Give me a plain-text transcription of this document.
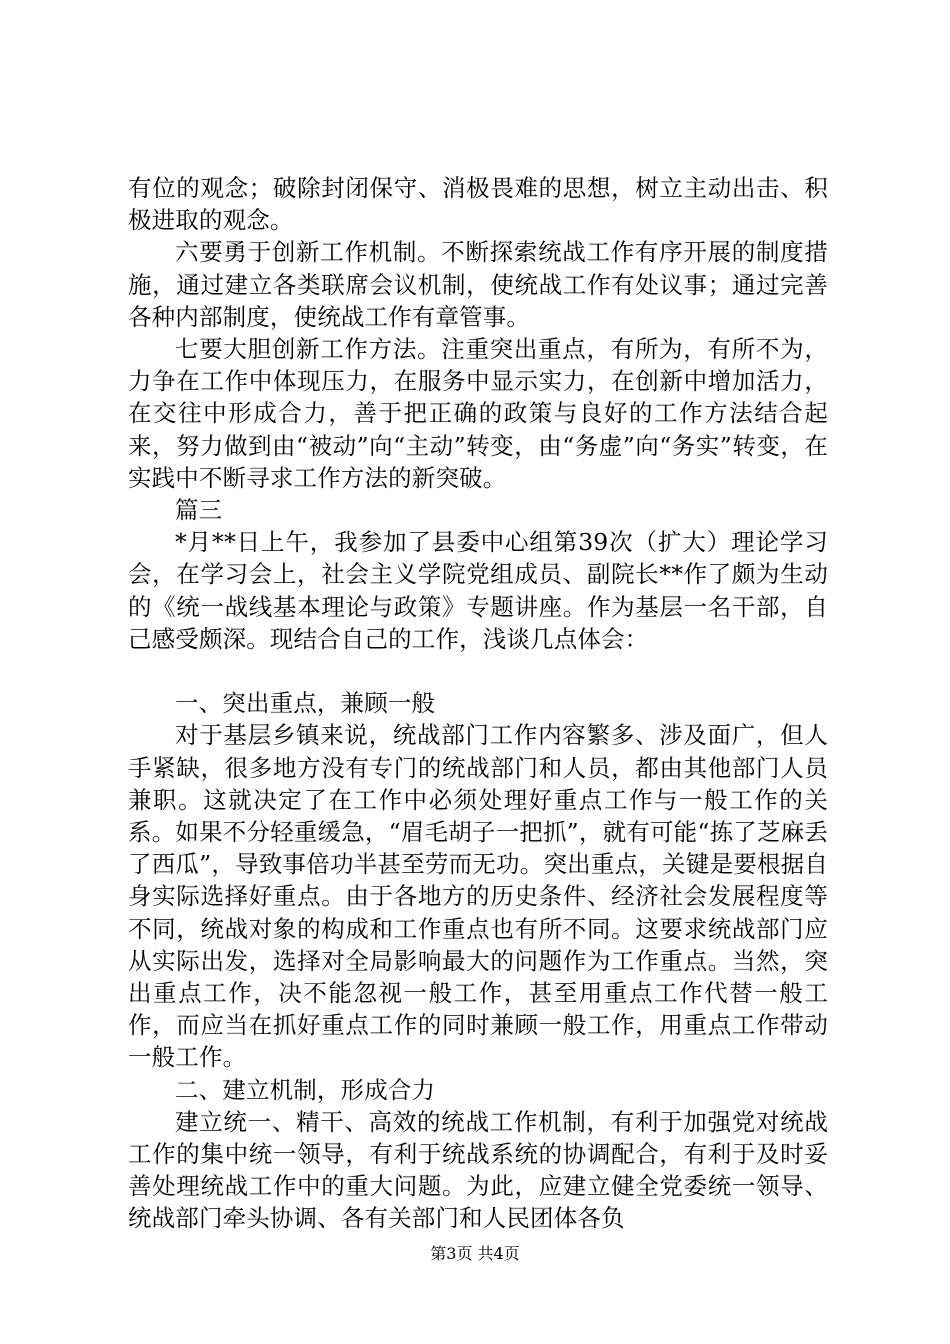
有位的观念；破除封闭保守、消极畏难的思想，树立主动出击、积极进取的观念。

六要勇于创新工作机制。不断探索统战工作有序开展的制度措施，通过建立各类联席会议机制，使统战工作有处议事；通过完善各种内部制度，使统战工作有章管事。

七要大胆创新工作方法。注重突出重点，有所为，有所不为，力争在工作中体现压力，在服务中显示实力，在创新中增加活力，在交往中形成合力，善于把正确的政策与良好的工作方法结合起来，努力做到由“被动”向“主动”转变，由“务虚”向“务实”转变，在实践中不断寻求工作方法的新突破。

篇三

*月**日上午，我参加了县委中心组第39次（扩大）理论学习会，在学习会上，社会主义学院党组成员、副院长**作了颇为生动的《统一战线基本理论与政策》专题讲座。作为基层一名干部，自己感受颇深。现结合自己的工作，浅谈几点体会：

一、突出重点，兼顾一般

对于基层乡镇来说，统战部门工作内容繁多、涉及面广，但人手紧缺，很多地方没有专门的统战部门和人员，都由其他部门人员兼职。这就决定了在工作中必须处理好重点工作与一般工作的关系。如果不分轻重缓急，“眉毛胡子一把抓”，就有可能“拣了芝麻丢了西瓜”，导致事倍功半甚至劳而无功。突出重点，关键是要根据自身实际选择好重点。由于各地方的历史条件、经济社会发展程度等不同，统战对象的构成和工作重点也有所不同。这要求统战部门应从实际出发，选择对全局影响最大的问题作为工作重点。当然，突出重点工作，决不能忽视一般工作，甚至用重点工作代替一般工作，而应当在抓好重点工作的同时兼顾一般工作，用重点工作带动一般工作。

二、建立机制，形成合力

建立统一、精干、高效的统战工作机制，有利于加强党对统战工作的集中统一领导，有利于统战系统的协调配合，有利于及时妥善处理统战工作中的重大问题。为此，应建立健全党委统一领导、统战部门牵头协调、各有关部门和人民团体各负

第3页 共4页
